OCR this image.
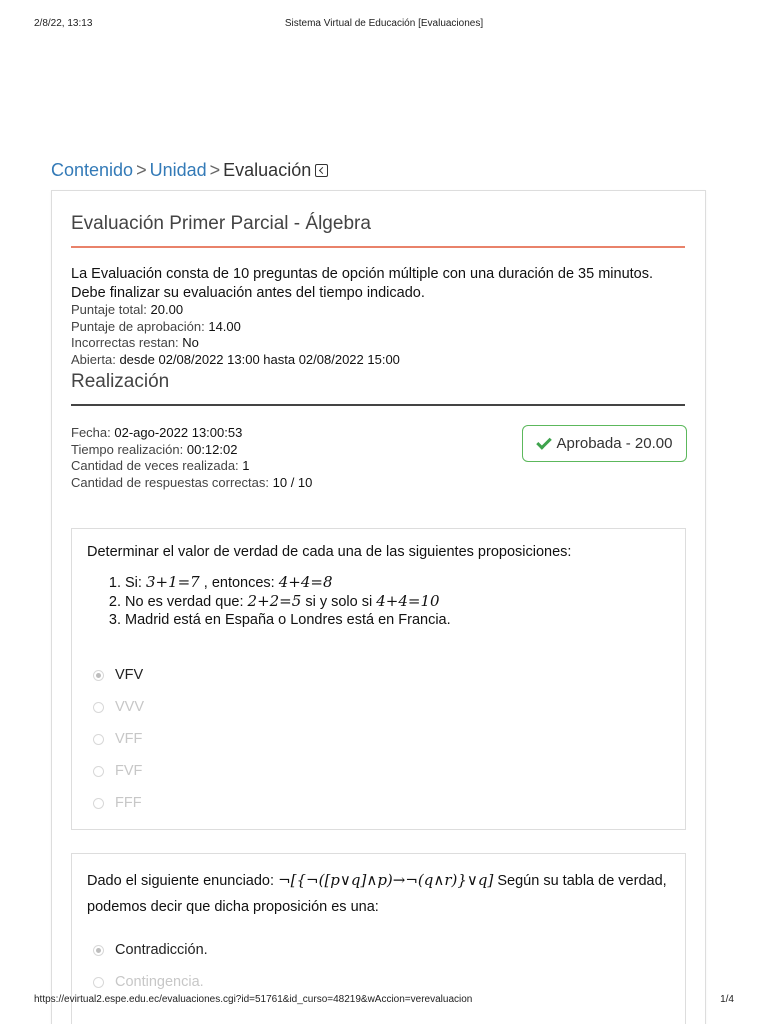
2/8/22, 13:13	Sistema Virtual de Educación [Evaluaciones]
Contenido > Unidad > Evaluación
Evaluación Primer Parcial - Álgebra
La Evaluación consta de 10 preguntas de opción múltiple con una duración de 35 minutos. Debe finalizar su evaluación antes del tiempo indicado.
Puntaje total: 20.00
Puntaje de aprobación: 14.00
Incorrectas restan: No
Abierta: desde 02/08/2022 13:00 hasta 02/08/2022 15:00
Realización
Fecha: 02-ago-2022 13:00:53
Tiempo realización: 00:12:02
Cantidad de veces realizada: 1
Cantidad de respuestas correctas: 10 / 10
Aprobada - 20.00
Determinar el valor de verdad de cada una de las siguientes proposiciones:
1. Si: 3+1=7 , entonces: 4+4=8
2. No es verdad que: 2+2=5 si y solo si 4+4=10
3. Madrid está en España o Londres está en Francia.
VFV
VVV
VFF
FVF
FFF
Dado el siguiente enunciado: ¬[{¬([p∨q]∧p)→¬(q∧r)}∨q] Según su tabla de verdad, podemos decir que dicha proposición es una:
Contradicción.
Contingencia.
https://evirtual2.espe.edu.ec/evaluaciones.cgi?id=51761&id_curso=48219&wAccion=verevaluacion	1/4
